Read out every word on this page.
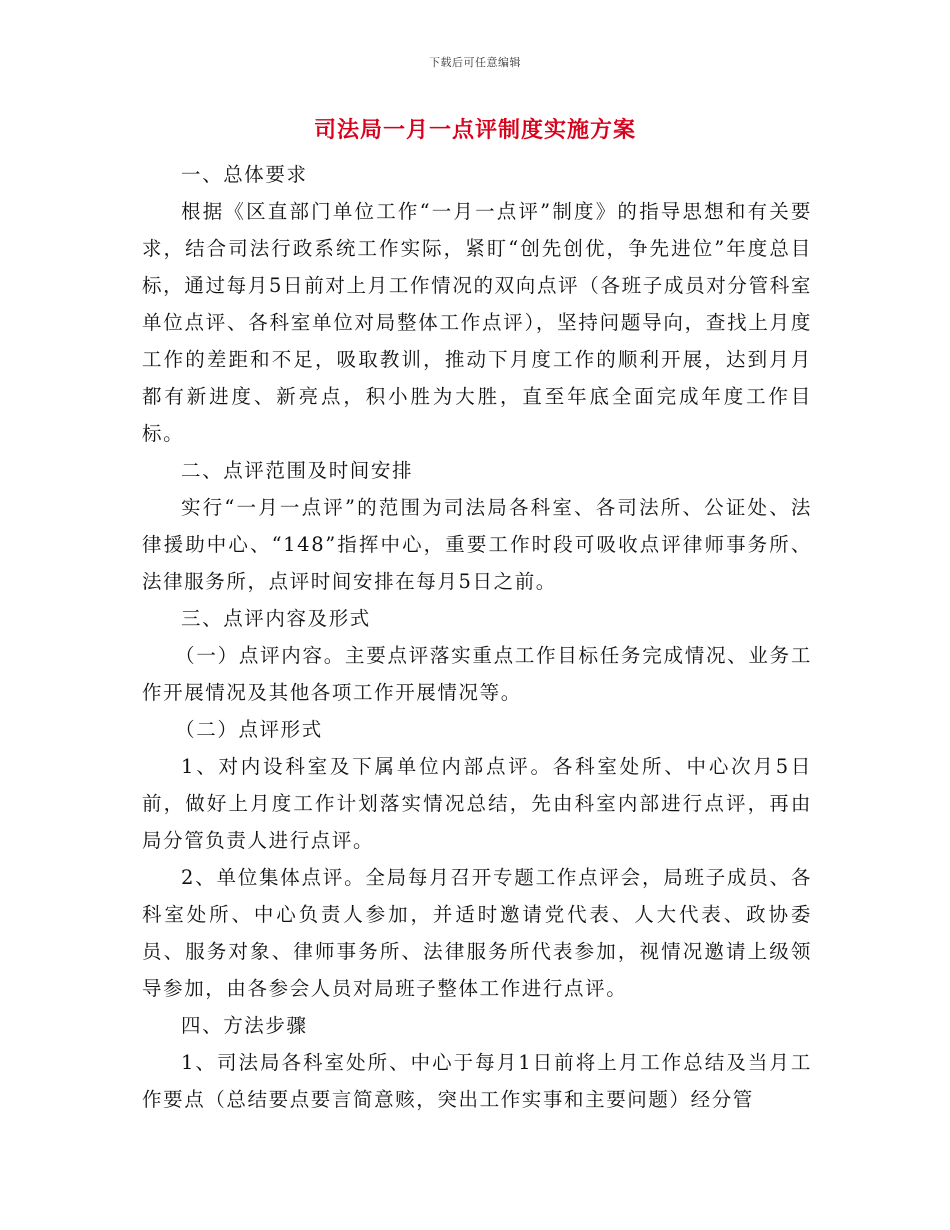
下载后可任意编辑
司法局一月一点评制度实施方案

一、总体要求

根据《区直部门单位工作“一月一点评”制度》的指导思想和有关要求，结合司法行政系统工作实际，紧盯“创先创优，争先进位”年度总目标，通过每月5日前对上月工作情况的双向点评（各班子成员对分管科室单位点评、各科室单位对局整体工作点评），坚持问题导向，查找上月度工作的差距和不足，吸取教训，推动下月度工作的顺利开展，达到月月都有新进度、新亮点，积小胜为大胜，直至年底全面完成年度工作目标。

二、点评范围及时间安排

实行“一月一点评”的范围为司法局各科室、各司法所、公证处、法律援助中心、“148”指挥中心，重要工作时段可吸收点评律师事务所、法律服务所，点评时间安排在每月5日之前。

三、点评内容及形式

（一）点评内容。主要点评落实重点工作目标任务完成情况、业务工作开展情况及其他各项工作开展情况等。

（二）点评形式

1、对内设科室及下属单位内部点评。各科室处所、中心次月5日前，做好上月度工作计划落实情况总结，先由科室内部进行点评，再由局分管负责人进行点评。

2、单位集体点评。全局每月召开专题工作点评会，局班子成员、各科室处所、中心负责人参加，并适时邀请党代表、人大代表、政协委员、服务对象、律师事务所、法律服务所代表参加，视情况邀请上级领导参加，由各参会人员对局班子整体工作进行点评。

四、方法步骤

1、司法局各科室处所、中心于每月1日前将上月工作总结及当月工作要点（总结要点要言简意赅，突出工作实事和主要问题）经分管
